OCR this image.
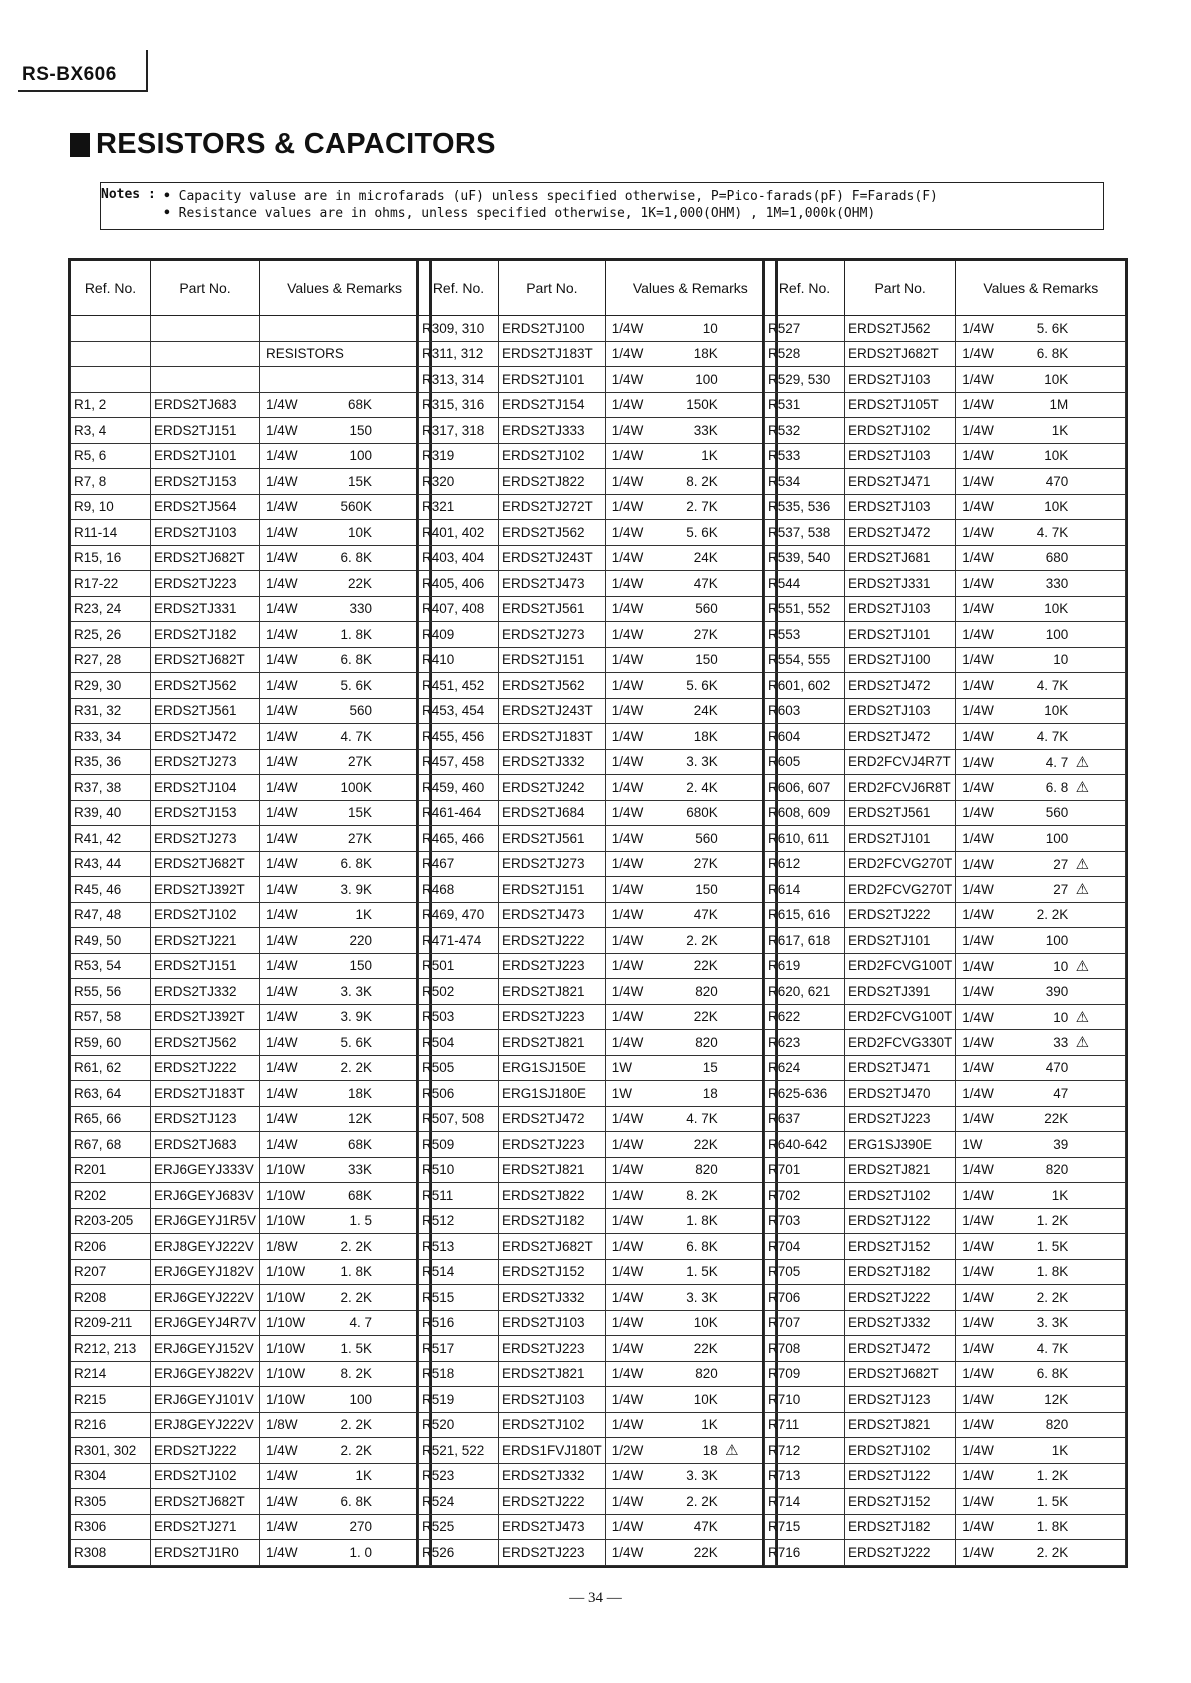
RS-BX606
RESISTORS & CAPACITORS
Notes : • Capacity valuse are in microfarads (uF) unless specified otherwise, P=Pico-farads(pF) F=Farads(F)
• Resistance values are in ohms, unless specified otherwise, 1K=1,000(OHM) , 1M=1,000k(OHM)
Ref. No.	Part No.	Values & Remarks

		RESISTORS

R1, 2	ERDS2TJ683	1/4W 68K
R3, 4	ERDS2TJ151	1/4W 150
R5, 6	ERDS2TJ101	1/4W 100
R7, 8	ERDS2TJ153	1/4W 15K
R9, 10	ERDS2TJ564	1/4W 560K
R11-14	ERDS2TJ103	1/4W 10K
R15, 16	ERDS2TJ682T	1/4W 6. 8K
R17-22	ERDS2TJ223	1/4W 22K
R23, 24	ERDS2TJ331	1/4W 330
R25, 26	ERDS2TJ182	1/4W 1. 8K
R27, 28	ERDS2TJ682T	1/4W 6. 8K
R29, 30	ERDS2TJ562	1/4W 5. 6K
R31, 32	ERDS2TJ561	1/4W 560
R33, 34	ERDS2TJ472	1/4W 4. 7K
R35, 36	ERDS2TJ273	1/4W 27K
R37, 38	ERDS2TJ104	1/4W 100K
R39, 40	ERDS2TJ153	1/4W 15K
R41, 42	ERDS2TJ273	1/4W 27K
R43, 44	ERDS2TJ682T	1/4W 6. 8K
R45, 46	ERDS2TJ392T	1/4W 3. 9K
R47, 48	ERDS2TJ102	1/4W 1K
R49, 50	ERDS2TJ221	1/4W 220
R53, 54	ERDS2TJ151	1/4W 150
R55, 56	ERDS2TJ332	1/4W 3. 3K
R57, 58	ERDS2TJ392T	1/4W 3. 9K
R59, 60	ERDS2TJ562	1/4W 5. 6K
R61, 62	ERDS2TJ222	1/4W 2. 2K
R63, 64	ERDS2TJ183T	1/4W 18K
R65, 66	ERDS2TJ123	1/4W 12K
R67, 68	ERDS2TJ683	1/4W 68K
R201	ERJ6GEYJ333V	1/10W 33K
R202	ERJ6GEYJ683V	1/10W 68K
R203-205	ERJ6GEYJ1R5V	1/10W 1. 5
R206	ERJ8GEYJ222V	1/8W 2. 2K
R207	ERJ6GEYJ182V	1/10W 1. 8K
R208	ERJ6GEYJ222V	1/10W 2. 2K
R209-211	ERJ6GEYJ4R7V	1/10W 4. 7
R212, 213	ERJ6GEYJ152V	1/10W 1. 5K
R214	ERJ6GEYJ822V	1/10W 8. 2K
R215	ERJ6GEYJ101V	1/10W 100
R216	ERJ8GEYJ222V	1/8W 2. 2K
R301, 302	ERDS2TJ222	1/4W 2. 2K
R304	ERDS2TJ102	1/4W 1K
R305	ERDS2TJ682T	1/4W 6. 8K
R306	ERDS2TJ271	1/4W 270
R308	ERDS2TJ1R0	1/4W 1. 0
Ref. No.	Part No.	Values & Remarks
R309, 310	ERDS2TJ100	1/4W 10
R311, 312	ERDS2TJ183T	1/4W 18K
R313, 314	ERDS2TJ101	1/4W 100
R315, 316	ERDS2TJ154	1/4W 150K
R317, 318	ERDS2TJ333	1/4W 33K
R319	ERDS2TJ102	1/4W 1K
R320	ERDS2TJ822	1/4W 8. 2K
R321	ERDS2TJ272T	1/4W 2. 7K
R401, 402	ERDS2TJ562	1/4W 5. 6K
R403, 404	ERDS2TJ243T	1/4W 24K
R405, 406	ERDS2TJ473	1/4W 47K
R407, 408	ERDS2TJ561	1/4W 560
R409	ERDS2TJ273	1/4W 27K
R410	ERDS2TJ151	1/4W 150
R451, 452	ERDS2TJ562	1/4W 5. 6K
R453, 454	ERDS2TJ243T	1/4W 24K
R455, 456	ERDS2TJ183T	1/4W 18K
R457, 458	ERDS2TJ332	1/4W 3. 3K
R459, 460	ERDS2TJ242	1/4W 2. 4K
R461-464	ERDS2TJ684	1/4W 680K
R465, 466	ERDS2TJ561	1/4W 560
R467	ERDS2TJ273	1/4W 27K
R468	ERDS2TJ151	1/4W 150
R469, 470	ERDS2TJ473	1/4W 47K
R471-474	ERDS2TJ222	1/4W 2. 2K
R501	ERDS2TJ223	1/4W 22K
R502	ERDS2TJ821	1/4W 820
R503	ERDS2TJ223	1/4W 22K
R504	ERDS2TJ821	1/4W 820
R505	ERG1SJ150E	1W 15
R506	ERG1SJ180E	1W 18
R507, 508	ERDS2TJ472	1/4W 4. 7K
R509	ERDS2TJ223	1/4W 22K
R510	ERDS2TJ821	1/4W 820
R511	ERDS2TJ822	1/4W 8. 2K
R512	ERDS2TJ182	1/4W 1. 8K
R513	ERDS2TJ682T	1/4W 6. 8K
R514	ERDS2TJ152	1/4W 1. 5K
R515	ERDS2TJ332	1/4W 3. 3K
R516	ERDS2TJ103	1/4W 10K
R517	ERDS2TJ223	1/4W 22K
R518	ERDS2TJ821	1/4W 820
R519	ERDS2TJ103	1/4W 10K
R520	ERDS2TJ102	1/4W 1K
R521, 522	ERDS1FVJ180T	1/2W 18 ⚠
R523	ERDS2TJ332	1/4W 3. 3K
R524	ERDS2TJ222	1/4W 2. 2K
R525	ERDS2TJ473	1/4W 47K
R526	ERDS2TJ223	1/4W 22K
Ref. No.	Part No.	Values & Remarks
R527	ERDS2TJ562	1/4W 5. 6K
R528	ERDS2TJ682T	1/4W 6. 8K
R529, 530	ERDS2TJ103	1/4W 10K
R531	ERDS2TJ105T	1/4W 1M
R532	ERDS2TJ102	1/4W 1K
R533	ERDS2TJ103	1/4W 10K
R534	ERDS2TJ471	1/4W 470
R535, 536	ERDS2TJ103	1/4W 10K
R537, 538	ERDS2TJ472	1/4W 4. 7K
R539, 540	ERDS2TJ681	1/4W 680
R544	ERDS2TJ331	1/4W 330
R551, 552	ERDS2TJ103	1/4W 10K
R553	ERDS2TJ101	1/4W 100
R554, 555	ERDS2TJ100	1/4W 10
R601, 602	ERDS2TJ472	1/4W 4. 7K
R603	ERDS2TJ103	1/4W 10K
R604	ERDS2TJ472	1/4W 4. 7K
R605	ERD2FCVJ4R7T	1/4W 4. 7 ⚠
R606, 607	ERD2FCVJ6R8T	1/4W 6. 8 ⚠
R608, 609	ERDS2TJ561	1/4W 560
R610, 611	ERDS2TJ101	1/4W 100
R612	ERD2FCVG270T	1/4W 27 ⚠
R614	ERD2FCVG270T	1/4W 27 ⚠
R615, 616	ERDS2TJ222	1/4W 2. 2K
R617, 618	ERDS2TJ101	1/4W 100
R619	ERD2FCVG100T	1/4W 10 ⚠
R620, 621	ERDS2TJ391	1/4W 390
R622	ERD2FCVG100T	1/4W 10 ⚠
R623	ERD2FCVG330T	1/4W 33 ⚠
R624	ERDS2TJ471	1/4W 470
R625-636	ERDS2TJ470	1/4W 47
R637	ERDS2TJ223	1/4W 22K
R640-642	ERG1SJ390E	1W 39
R701	ERDS2TJ821	1/4W 820
R702	ERDS2TJ102	1/4W 1K
R703	ERDS2TJ122	1/4W 1. 2K
R704	ERDS2TJ152	1/4W 1. 5K
R705	ERDS2TJ182	1/4W 1. 8K
R706	ERDS2TJ222	1/4W 2. 2K
R707	ERDS2TJ332	1/4W 3. 3K
R708	ERDS2TJ472	1/4W 4. 7K
R709	ERDS2TJ682T	1/4W 6. 8K
R710	ERDS2TJ123	1/4W 12K
R711	ERDS2TJ821	1/4W 820
R712	ERDS2TJ102	1/4W 1K
R713	ERDS2TJ122	1/4W 1. 2K
R714	ERDS2TJ152	1/4W 1. 5K
R715	ERDS2TJ182	1/4W 1. 8K
R716	ERDS2TJ222	1/4W 2. 2K
— 34 —
